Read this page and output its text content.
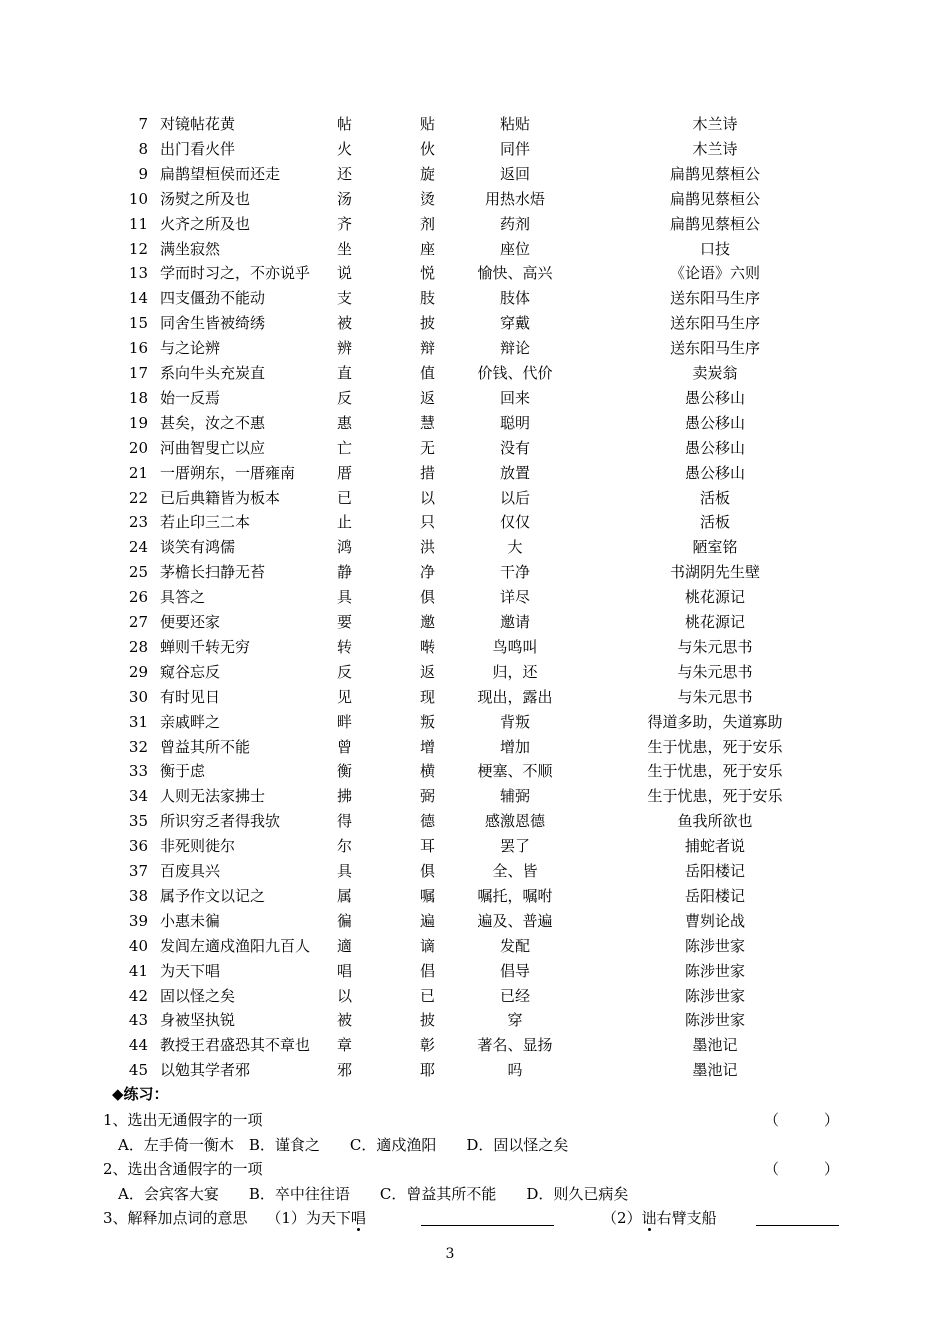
7 对镜帖花黄	帖	贴	粘贴	木兰诗
8 出门看火伴	火	伙	同伴	木兰诗
9 扁鹊望桓侯而还走	还	旋	返回	扁鹊见蔡桓公
10 汤熨之所及也	汤	烫	用热水焐	扁鹊见蔡桓公
11 火齐之所及也	齐	剂	药剂	扁鹊见蔡桓公
12 满坐寂然	坐	座	座位	口技
13 学而时习之，不亦说乎 说	悦	愉快、高兴	《论语》六则
14 四支僵劲不能动	支	肢	肢体	送东阳马生序
15 同舍生皆被绮绣	被	披	穿戴	送东阳马生序
16 与之论辨	辨	辩	辩论	送东阳马生序
17 系向牛头充炭直	直	值	价钱、代价	卖炭翁
18 始一反焉	反	返	回来	愚公移山
19 甚矣，汝之不惠	惠	慧	聪明	愚公移山
20 河曲智叟亡以应	亡	无	没有	愚公移山
21 一厝朔东，一厝雍南	厝	措	放置	愚公移山
22 已后典籍皆为板本	已	以	以后	活板
23 若止印三二本	止	只	仅仅	活板
24 谈笑有鸿儒	鸿	洪	大	陋室铭
25 茅檐长扫静无苔	静	净	干净	书湖阴先生壁
26 具答之	具	俱	详尽	桃花源记
27 便要还家	要	邀	邀请	桃花源记
28 蝉则千转无穷	转	啭	鸟鸣叫	与朱元思书
29 窥谷忘反	反	返	归，还	与朱元思书
30 有时见日	见	现	现出，露出	与朱元思书
31 亲戚畔之	畔	叛	背叛	得道多助，失道寡助
32 曾益其所不能	曾	增	增加	生于忧患，死于安乐
33 衡于虑	衡	横	梗塞、不顺	生于忧患，死于安乐
34 人则无法家拂士	拂	弼	辅弼	生于忧患，死于安乐
35 所识穷乏者得我欤	得	德	感激恩德	鱼我所欲也
36 非死则徙尔	尔	耳	罢了	捕蛇者说
37 百废具兴	具	俱	全、皆	岳阳楼记
38 属予作文以记之	属	嘱	嘱托，嘱咐	岳阳楼记
39 小惠未徧	徧	遍	遍及、普遍	曹刿论战
40 发闾左適戍渔阳九百人 適	谪	发配	陈涉世家
41 为天下唱	唱	倡	倡导	陈涉世家
42 固以怪之矣	以	已	已经	陈涉世家
43 身被坚执锐	被	披	穿	陈涉世家
44 教授王君盛恐其不章也 章	彰	著名、显扬	墨池记
45 以勉其学者邪	邪	耶	吗	墨池记
◆练习：
1、选出无通假字的一项	（　　　）
A．左手倚一衡木　B．谨食之　　C．適戍渔阳　　D．固以怪之矣
2、选出含通假字的一项	（　　　）
A．会宾客大宴　　B．卒中往往语　　C．曾益其所不能　　D．则久已病矣
3、解释加点词的意思 （1）为天下唱	（2）诎右臂支船
3
